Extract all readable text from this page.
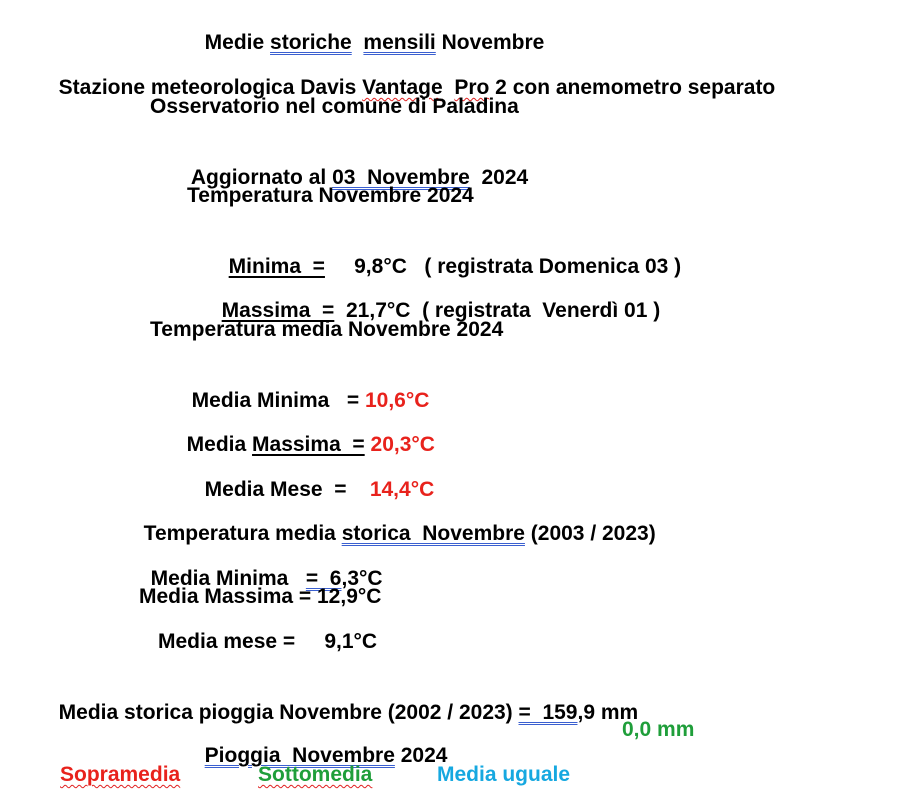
Medie storiche mensili Novembre

Stazione meteorologica Davis Vantage Pro 2 con anemometro separato

Osservatorio nel comune di Paladina

Aggiornato al 03  Novembre  2024

Temperatura Novembre 2024

Minima  =     9,8°C   ( registrata Domenica 03 )

Massima  =  21,7°C  ( registrata  Venerdì 01 )

Temperatura media Novembre 2024

Media Minima   = 10,6°C

Media Massima  = 20,3°C

Media Mese  =    14,4°C

Temperatura media storica  Novembre (2003 / 2023)

Media Minima   =  6,3°C

Media Massima = 12,9°C
Media mese =     9,1°C

Media storica pioggia Novembre (2002 / 2023) =  159,9 mm

Pioggia  Novembre 2024

0,0 mm
Sopramedia	Sottomedia	Media uguale
